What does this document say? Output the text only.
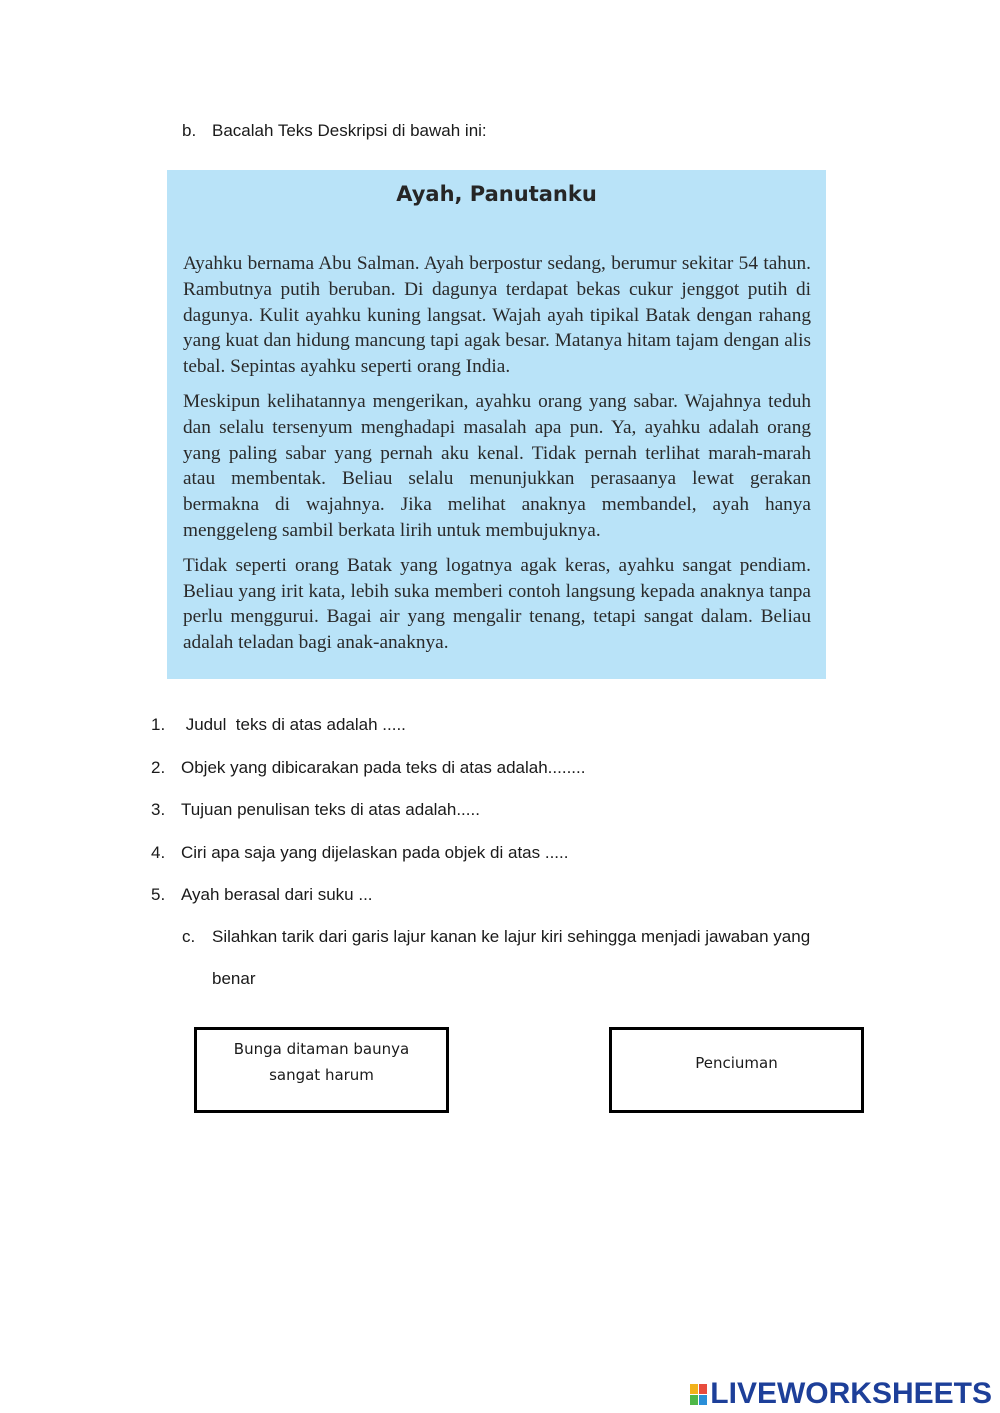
b. Bacalah Teks Deskripsi di bawah ini:
Ayah, Panutanku

Ayahku bernama Abu Salman. Ayah berpostur sedang, berumur sekitar 54 tahun. Rambutnya putih beruban. Di dagunya terdapat bekas cukur jenggot putih di dagunya. Kulit ayahku kuning langsat. Wajah ayah tipikal Batak dengan rahang yang kuat dan hidung mancung tapi agak besar. Matanya hitam tajam dengan alis tebal. Sepintas ayahku seperti orang India.

Meskipun kelihatannya mengerikan, ayahku orang yang sabar. Wajahnya teduh dan selalu tersenyum menghadapi masalah apa pun. Ya, ayahku adalah orang yang paling sabar yang pernah aku kenal. Tidak pernah terlihat marah-marah atau membentak. Beliau selalu menunjukkan perasaanya lewat gerakan bermakna di wajahnya. Jika melihat anaknya membandel, ayah hanya menggeleng sambil berkata lirih untuk membujuknya.

Tidak seperti orang Batak yang logatnya agak keras, ayahku sangat pendiam. Beliau yang irit kata, lebih suka memberi contoh langsung kepada anaknya tanpa perlu menggurui. Bagai air yang mengalir tenang, tetapi sangat dalam. Beliau adalah teladan bagi anak-anaknya.

1. Judul  teks di atas adalah .....
2. Objek yang dibicarakan pada teks di atas adalah........
3. Tujuan penulisan teks di atas adalah.....
4. Ciri apa saja yang dijelaskan pada objek di atas .....
5. Ayah berasal dari suku ...
c. Silahkan tarik dari garis lajur kanan ke lajur kiri sehingga menjadi jawaban yang
benar
Bunga ditaman baunya
sangat harum
Penciuman
LIVEWORKSHEETS
